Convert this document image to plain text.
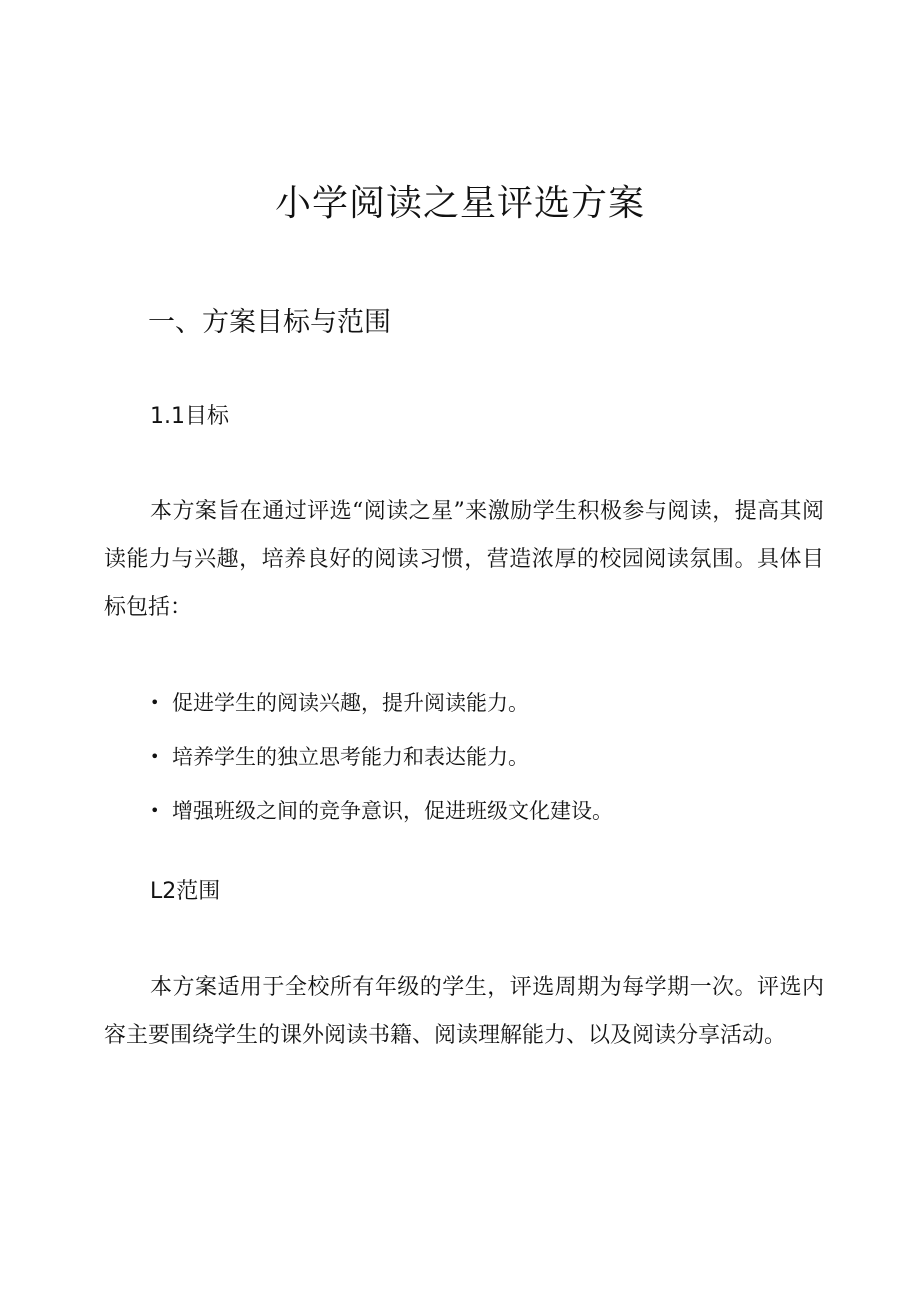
小学阅读之星评选方案
一、方案目标与范围
1.1目标

本方案旨在通过评选“阅读之星”来激励学生积极参与阅读，提高其阅读能力与兴趣，培养良好的阅读习惯，营造浓厚的校园阅读氛围。具体目标包括：

• 促进学生的阅读兴趣，提升阅读能力。
• 培养学生的独立思考能力和表达能力。
• 增强班级之间的竞争意识，促进班级文化建设。
L2范围

本方案适用于全校所有年级的学生，评选周期为每学期一次。评选内容主要围绕学生的课外阅读书籍、阅读理解能力、以及阅读分享活动。
